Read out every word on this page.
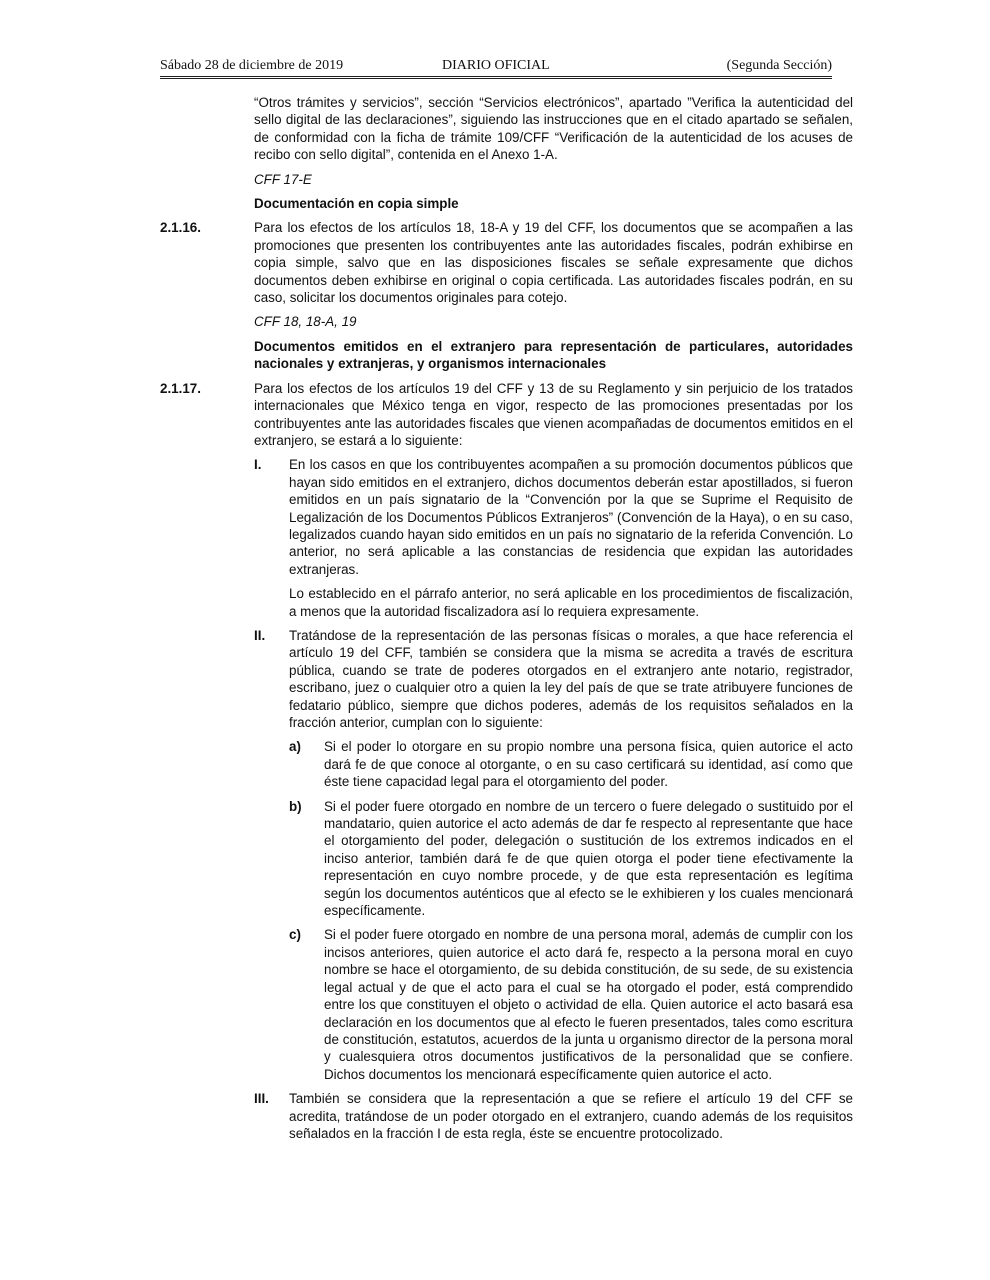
Sábado 28 de diciembre de 2019	DIARIO OFICIAL	(Segunda Sección)

“Otros trámites y servicios”, sección “Servicios electrónicos”, apartado ”Verifica la autenticidad del sello digital de las declaraciones”, siguiendo las instrucciones que en el citado apartado se señalen, de conformidad con la ficha de trámite 109/CFF “Verificación de la autenticidad de los acuses de recibo con sello digital”, contenida en el Anexo 1-A.

CFF 17-E

Documentación en copia simple

2.1.16.	Para los efectos de los artículos 18, 18-A y 19 del CFF, los documentos que se acompañen a las promociones que presenten los contribuyentes ante las autoridades fiscales, podrán exhibirse en copia simple, salvo que en las disposiciones fiscales se señale expresamente que dichos documentos deben exhibirse en original o copia certificada. Las autoridades fiscales podrán, en su caso, solicitar los documentos originales para cotejo.

CFF 18, 18-A, 19

Documentos emitidos en el extranjero para representación de particulares, autoridades nacionales y extranjeras, y organismos internacionales

2.1.17.	Para los efectos de los artículos 19 del CFF y 13 de su Reglamento y sin perjuicio de los tratados internacionales que México tenga en vigor, respecto de las promociones presentadas por los contribuyentes ante las autoridades fiscales que vienen acompañadas de documentos emitidos en el extranjero, se estará a lo siguiente:
I. En los casos en que los contribuyentes acompañen a su promoción documentos públicos que hayan sido emitidos en el extranjero, dichos documentos deberán estar apostillados, si fueron emitidos en un país signatario de la “Convención por la que se Suprime el Requisito de Legalización de los Documentos Públicos Extranjeros” (Convención de la Haya), o en su caso, legalizados cuando hayan sido emitidos en un país no signatario de la referida Convención. Lo anterior, no será aplicable a las constancias de residencia que expidan las autoridades extranjeras.
Lo establecido en el párrafo anterior, no será aplicable en los procedimientos de fiscalización, a menos que la autoridad fiscalizadora así lo requiera expresamente.
II. Tratándose de la representación de las personas físicas o morales, a que hace referencia el artículo 19 del CFF, también se considera que la misma se acredita a través de escritura pública, cuando se trate de poderes otorgados en el extranjero ante notario, registrador, escribano, juez o cualquier otro a quien la ley del país de que se trate atribuyere funciones de fedatario público, siempre que dichos poderes, además de los requisitos señalados en la fracción anterior, cumplan con lo siguiente:
a) Si el poder lo otorgare en su propio nombre una persona física, quien autorice el acto dará fe de que conoce al otorgante, o en su caso certificará su identidad, así como que éste tiene capacidad legal para el otorgamiento del poder.
b) Si el poder fuere otorgado en nombre de un tercero o fuere delegado o sustituido por el mandatario, quien autorice el acto además de dar fe respecto al representante que hace el otorgamiento del poder, delegación o sustitución de los extremos indicados en el inciso anterior, también dará fe de que quien otorga el poder tiene efectivamente la representación en cuyo nombre procede, y de que esta representación es legítima según los documentos auténticos que al efecto se le exhibieren y los cuales mencionará específicamente.
c) Si el poder fuere otorgado en nombre de una persona moral, además de cumplir con los incisos anteriores, quien autorice el acto dará fe, respecto a la persona moral en cuyo nombre se hace el otorgamiento, de su debida constitución, de su sede, de su existencia legal actual y de que el acto para el cual se ha otorgado el poder, está comprendido entre los que constituyen el objeto o actividad de ella. Quien autorice el acto basará esa declaración en los documentos que al efecto le fueren presentados, tales como escritura de constitución, estatutos, acuerdos de la junta u organismo director de la persona moral y cualesquiera otros documentos justificativos de la personalidad que se confiere. Dichos documentos los mencionará específicamente quien autorice el acto.
III. También se considera que la representación a que se refiere el artículo 19 del CFF se acredita, tratándose de un poder otorgado en el extranjero, cuando además de los requisitos señalados en la fracción I de esta regla, éste se encuentre protocolizado.
